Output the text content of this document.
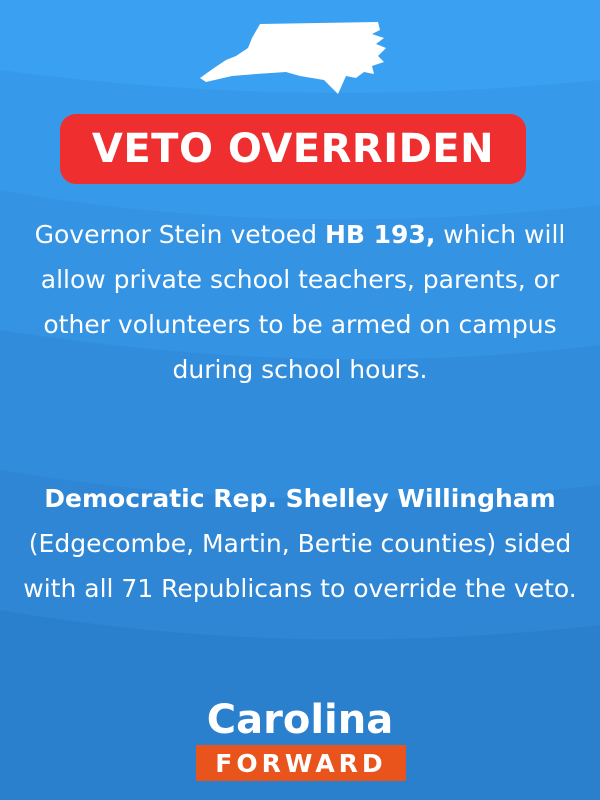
VETO OVERRIDEN
Governor Stein vetoed HB 193, which will allow private school teachers, parents, or other volunteers to be armed on campus during school hours.
Democratic Rep. Shelley Willingham (Edgecombe, Martin, Bertie counties) sided with all 71 Republicans to override the veto.
Carolina
FORWARD
